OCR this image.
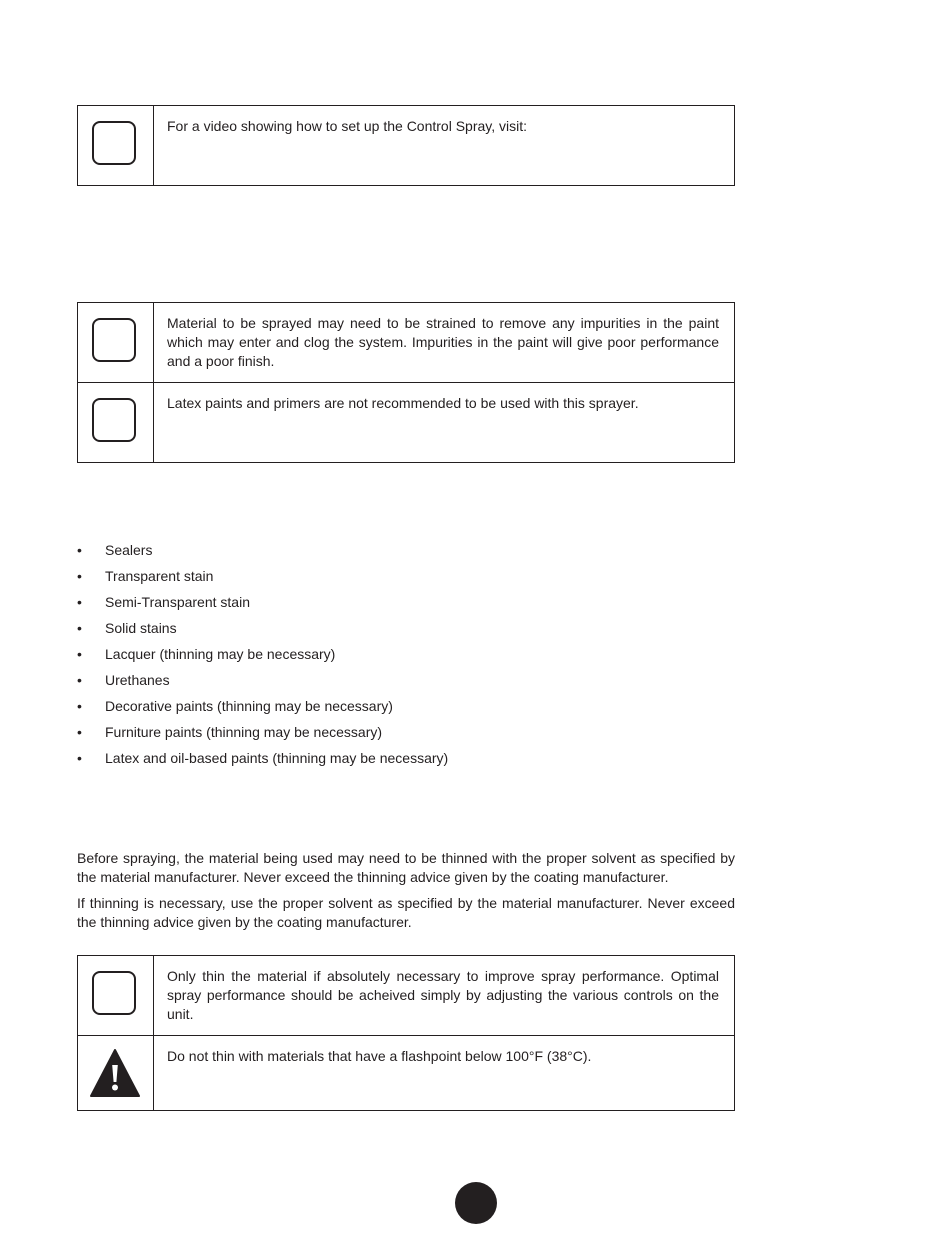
For a video showing how to set up the Control Spray, visit:
Material to be sprayed may need to be strained to remove any impurities in the paint which may enter and clog the system. Impurities in the paint will give poor performance and a poor finish.
Latex paints and primers are not recommended to be used with this sprayer.
• Sealers
• Transparent stain
• Semi-Transparent stain
• Solid stains
• Lacquer (thinning may be necessary)
• Urethanes
• Decorative paints (thinning may be necessary)
• Furniture paints (thinning may be necessary)
• Latex and oil-based paints (thinning may be necessary)

Before spraying, the material being used may need to be thinned with the proper solvent as specified by the material manufacturer. Never exceed the thinning advice given by the coating manufacturer.

If thinning is necessary, use the proper solvent as specified by the material manufacturer. Never exceed the thinning advice given by the coating manufacturer.

Only thin the material if absolutely necessary to improve spray performance. Optimal spray performance should be acheived simply by adjusting the various controls on the unit.
Do not thin with materials that have a flashpoint below 100°F (38°C).
